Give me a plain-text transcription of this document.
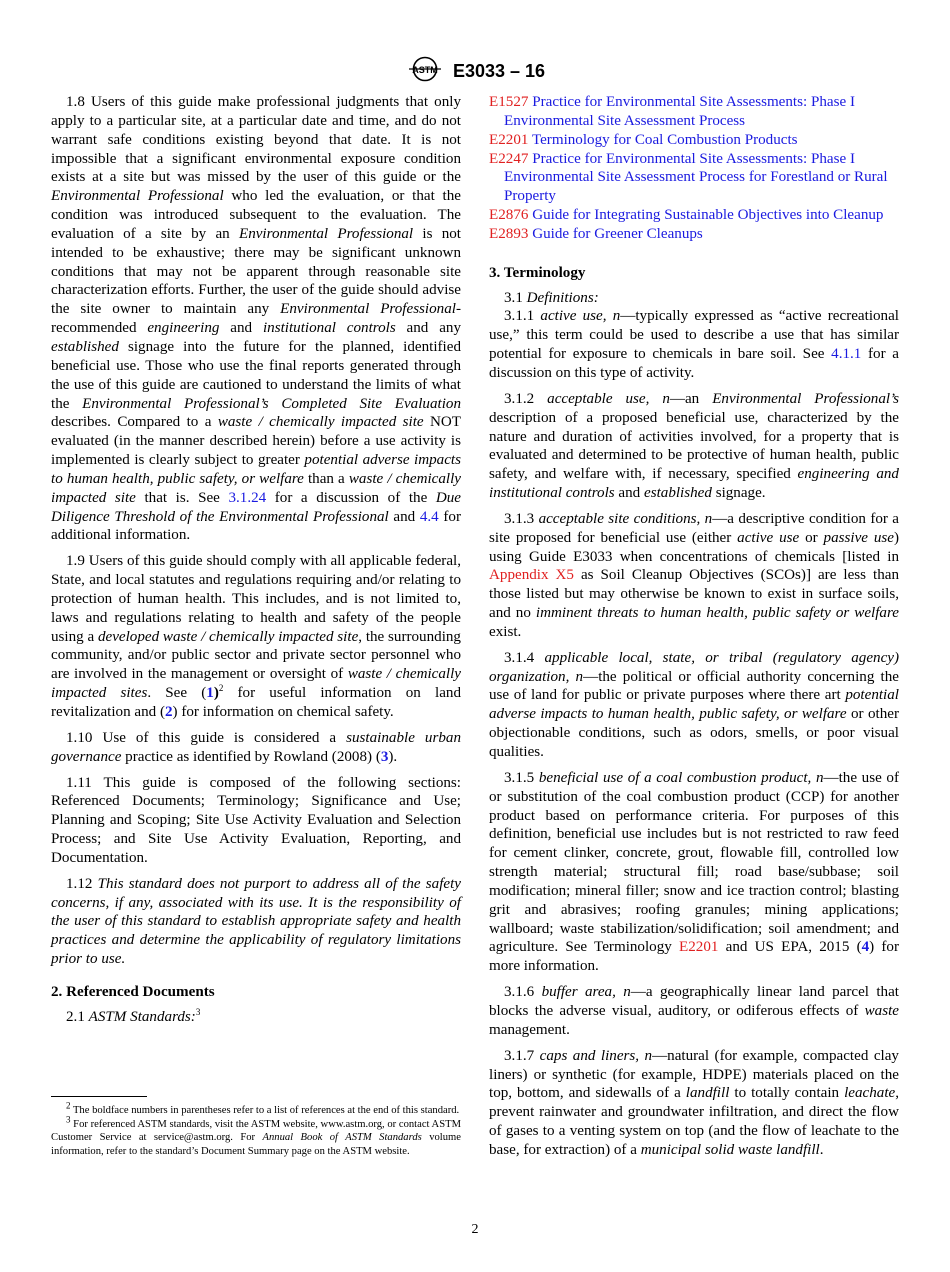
ASTM E3033 – 16

1.8 Users of this guide make professional judgments that only apply to a particular site, at a particular date and time, and do not warrant safe conditions existing beyond that date. It is not impossible that a significant environmental exposure condition exists at a site but was missed by the user of this guide or the Environmental Professional who led the evaluation, or that the condition was introduced subsequent to the evaluation. The evaluation of a site by an Environmental Professional is not intended to be exhaustive; there may be significant unknown conditions that may not be apparent through reasonable site characterization efforts. Further, the user of the guide should advise the site owner to maintain any Environmental Professional-recommended engineering and institutional controls and any established signage into the future for the planned, identified beneficial use. Those who use the final reports generated through the use of this guide are cautioned to understand the limits of what the Environmental Professional’s Completed Site Evaluation describes. Compared to a waste / chemically impacted site NOT evaluated (in the manner described herein) before a use activity is implemented is clearly subject to greater potential adverse impacts to human health, public safety, or welfare than a waste / chemically impacted site that is. See 3.1.24 for a discussion of the Due Diligence Threshold of the Environmental Professional and 4.4 for additional information.

1.9 Users of this guide should comply with all applicable federal, State, and local statutes and regulations requiring and/or relating to protection of human health. This includes, and is not limited to, laws and regulations relating to health and safety of the people using a developed waste / chemically impacted site, the surrounding community, and/or public sector and private sector personnel who are involved in the management or oversight of waste / chemically impacted sites. See $(1)^2$ for useful information on land revitalization and (2) for information on chemical safety.

1.10 Use of this guide is considered a sustainable urban governance practice as identified by Rowland (2008) (3).

1.11 This guide is composed of the following sections: Referenced Documents; Terminology; Significance and Use; Planning and Scoping; Site Use Activity Evaluation and Selection Process; and Site Use Activity Evaluation, Reporting, and Documentation.

1.12 This standard does not purport to address all of the safety concerns, if any, associated with its use. It is the responsibility of the user of this standard to establish appropriate safety and health practices and determine the applicability of regulatory limitations prior to use.

2. Referenced Documents

2.1 ASTM Standards:$^3$

$^2$ The boldface numbers in parentheses refer to a list of references at the end of this standard.

$^3$ For referenced ASTM standards, visit the ASTM website, www.astm.org, or contact ASTM Customer Service at service@astm.org. For Annual Book of ASTM Standards volume information, refer to the standard’s Document Summary page on the ASTM website.

E1527 Practice for Environmental Site Assessments: Phase I Environmental Site Assessment Process
E2201 Terminology for Coal Combustion Products
E2247 Practice for Environmental Site Assessments: Phase I Environmental Site Assessment Process for Forestland or Rural Property
E2876 Guide for Integrating Sustainable Objectives into Cleanup
E2893 Guide for Greener Cleanups
3. Terminology

3.1 Definitions:

3.1.1 active use, n—typically expressed as “active recreational use,” this term could be used to describe a use that has similar potential for exposure to chemicals in bare soil. See 4.1.1 for a discussion on this type of activity.

3.1.2 acceptable use, n—an Environmental Professional’s description of a proposed beneficial use, characterized by the nature and duration of activities involved, for a property that is evaluated and determined to be protective of human health, public safety, and welfare with, if necessary, specified engineering and institutional controls and established signage.

3.1.3 acceptable site conditions, n—a descriptive condition for a site proposed for beneficial use (either active use or passive use) using Guide E3033 when concentrations of chemicals [listed in Appendix X5 as Soil Cleanup Objectives (SCOs)] are less than those listed but may otherwise be known to exist in surface soils, and no imminent threats to human health, public safety or welfare exist.

3.1.4 applicable local, state, or tribal (regulatory agency) organization, n—the political or official authority concerning the use of land for public or private purposes where there art potential adverse impacts to human health, public safety, or welfare or other objectionable conditions, such as odors, smells, or poor visual qualities.

3.1.5 beneficial use of a coal combustion product, n—the use of or substitution of the coal combustion product (CCP) for another product based on performance criteria. For purposes of this definition, beneficial use includes but is not restricted to raw feed for cement clinker, concrete, grout, flowable fill, controlled low strength material; structural fill; road base/subbase; soil modification; mineral filler; snow and ice traction control; blasting grit and abrasives; roofing granules; mining applications; wallboard; waste stabilization/solidification; soil amendment; and agriculture. See Terminology E2201 and US EPA, 2015 (4) for more information.

3.1.6 buffer area, n—a geographically linear land parcel that blocks the adverse visual, auditory, or odiferous effects of waste management.

3.1.7 caps and liners, n—natural (for example, compacted clay liners) or synthetic (for example, HDPE) materials placed on the top, bottom, and sidewalls of a landfill to totally contain leachate, prevent rainwater and groundwater infiltration, and direct the flow of gases to a venting system on top (and the flow of leachate to the base, for extraction) of a municipal solid waste landfill.

2
